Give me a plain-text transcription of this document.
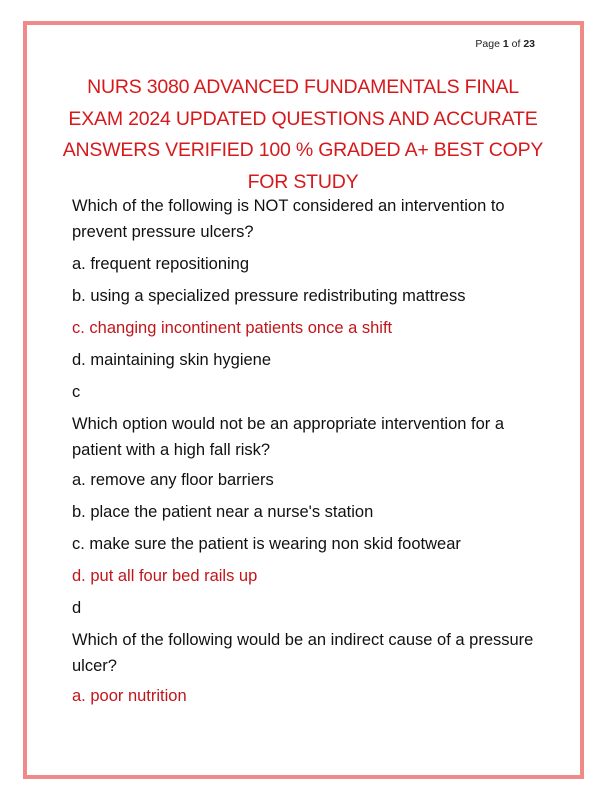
Page 1 of 23
NURS 3080 ADVANCED FUNDAMENTALS FINAL
EXAM 2024 UPDATED QUESTIONS AND ACCURATE
ANSWERS VERIFIED 100 % GRADED A+ BEST COPY
FOR STUDY
Which of the following is NOT considered an intervention to
prevent pressure ulcers?
a. frequent repositioning
b. using a specialized pressure redistributing mattress
c. changing incontinent patients once a shift
d. maintaining skin hygiene
c
Which option would not be an appropriate intervention for a
patient with a high fall risk?
a. remove any floor barriers
b. place the patient near a nurse's station
c. make sure the patient is wearing non skid footwear
d. put all four bed rails up
d
Which of the following would be an indirect cause of a pressure
ulcer?
a. poor nutrition
